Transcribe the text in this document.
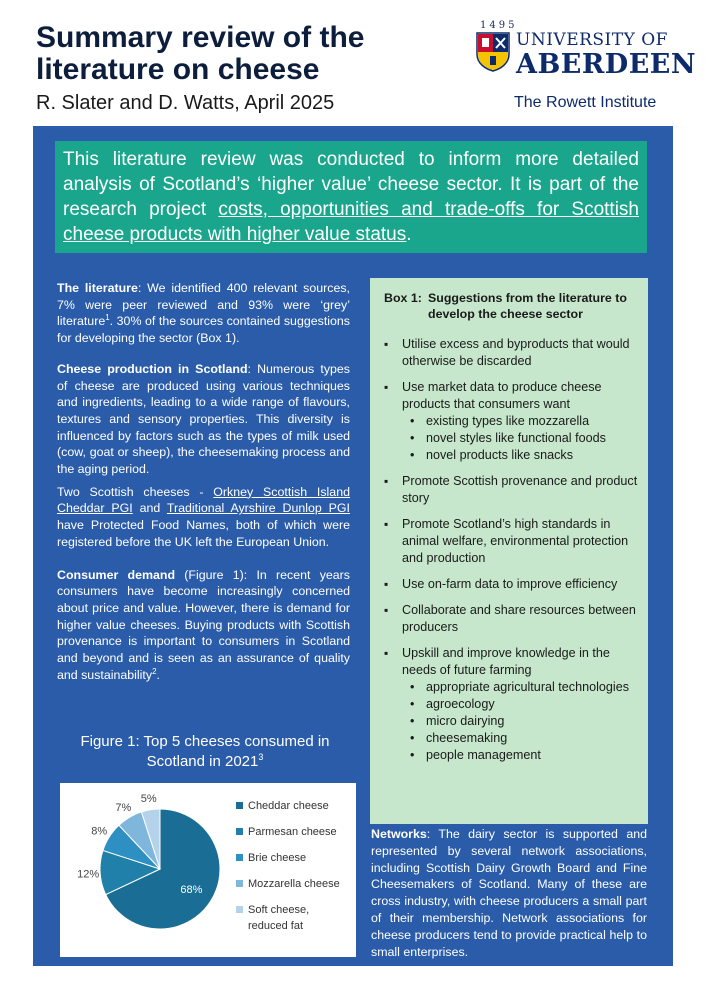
Summary review of the literature on cheese
R. Slater and D. Watts, April 2025
1495
UNIVERSITY OF
ABERDEEN
The Rowett Institute
This literature review was conducted to inform more detailed analysis of Scotland’s ‘higher value’ cheese sector. It is part of the research project costs, opportunities and trade-offs for Scottish cheese products with higher value status.

The literature: We identified 400 relevant sources, 7% were peer reviewed and 93% were ‘grey’ literature$^1$. 30% of the sources contained suggestions for developing the sector (Box 1).

Cheese production in Scotland: Numerous types of cheese are produced using various techniques and ingredients, leading to a wide range of flavours, textures and sensory properties. This diversity is influenced by factors such as the types of milk used (cow, goat or sheep), the cheesemaking process and the aging period.

Two Scottish cheeses - Orkney Scottish Island Cheddar PGI and Traditional Ayrshire Dunlop PGI have Protected Food Names, both of which were registered before the UK left the European Union.

Consumer demand (Figure 1): In recent years consumers have become increasingly concerned about price and value. However, there is demand for higher value cheeses. Buying products with Scottish provenance is important to consumers in Scotland and beyond and is seen as an assurance of quality and sustainability$^2$.

Figure 1: Top 5 cheeses consumed in Scotland in 2021$^3$
68%
12%
8%
7%
5%
Cheddar cheese
Parmesan cheese
Brie cheese
Mozzarella cheese
Soft cheese,
reduced fat
Box 1: Suggestions from the literature to develop the cheese sector
▪ Utilise excess and byproducts that would otherwise be discarded
▪ Use market data to produce cheese products that consumers want
• existing types like mozzarella
• novel styles like functional foods
• novel products like snacks
▪ Promote Scottish provenance and product story
▪ Promote Scotland’s high standards in animal welfare, environmental protection and production
▪ Use on-farm data to improve efficiency
▪ Collaborate and share resources between producers
▪ Upskill and improve knowledge in the needs of future farming
• appropriate agricultural technologies
• agroecology
• micro dairying
• cheesemaking
• people management
Networks: The dairy sector is supported and represented by several network associations, including Scottish Dairy Growth Board and Fine Cheesemakers of Scotland. Many of these are cross industry, with cheese producers a small part of their membership. Network associations for cheese producers tend to provide practical help to small enterprises.
